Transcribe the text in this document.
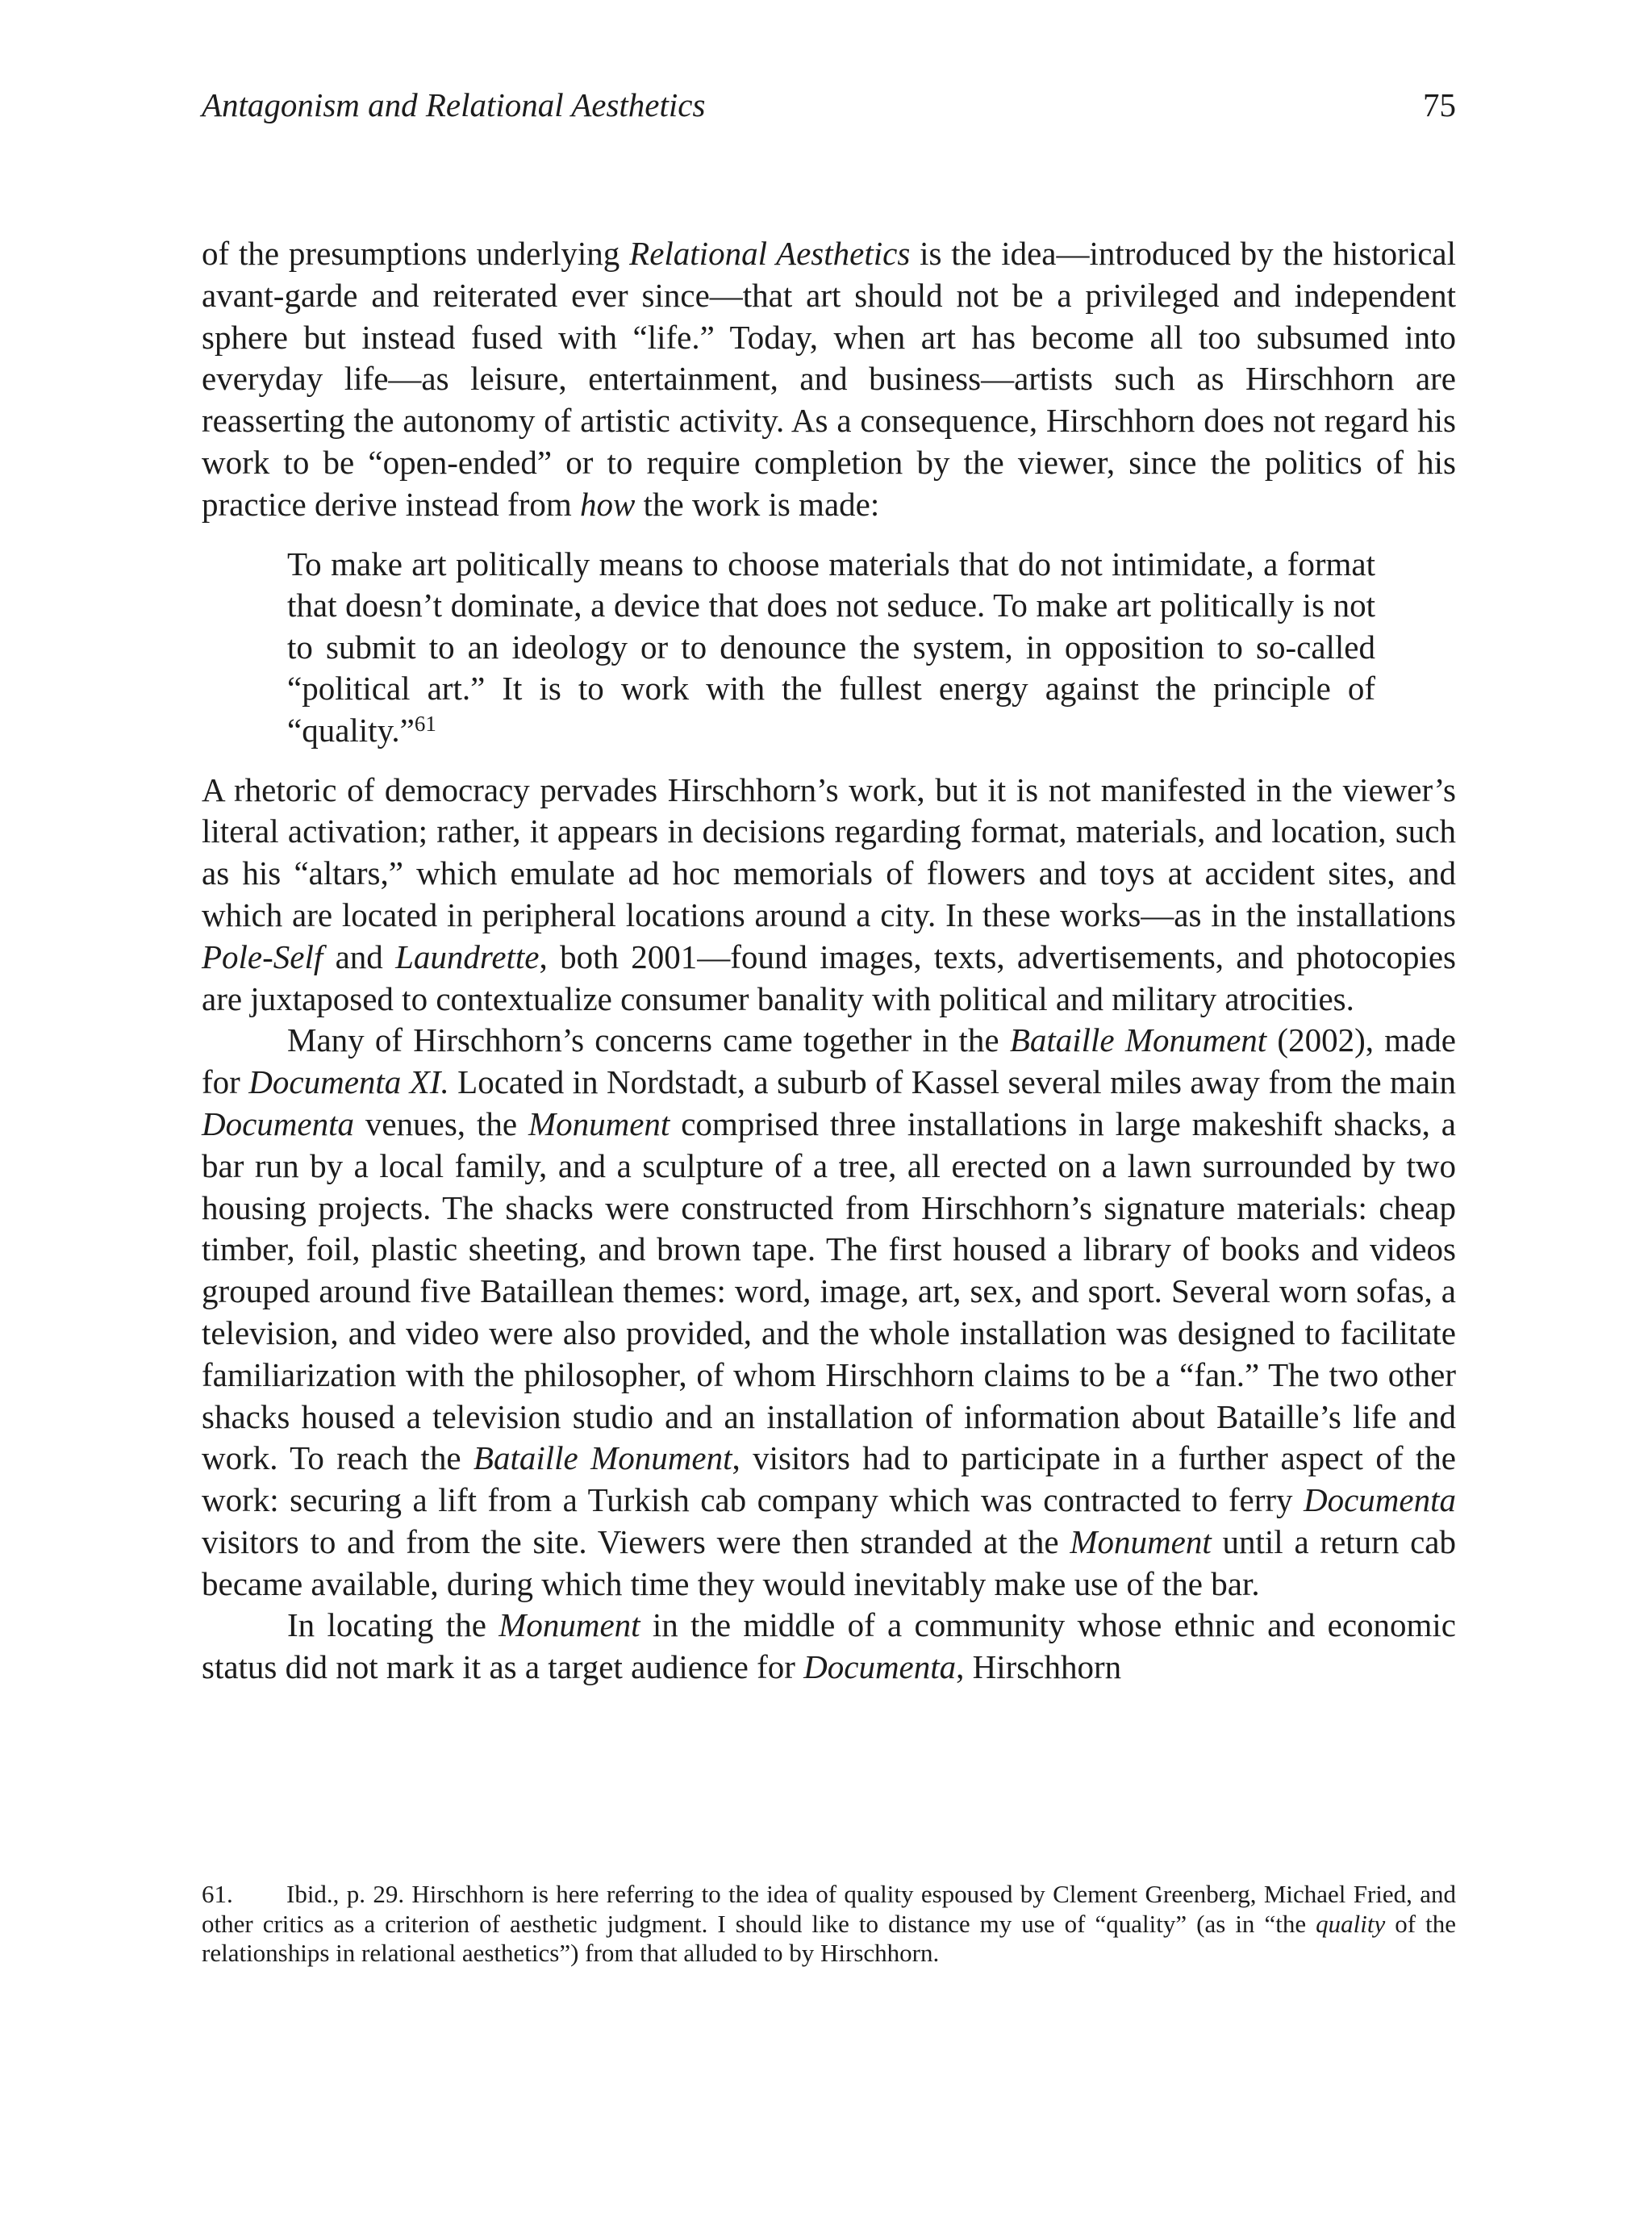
Antagonism and Relational Aesthetics	75

of the presumptions underlying Relational Aesthetics is the idea—introduced by the historical avant-garde and reiterated ever since—that art should not be a privileged and independent sphere but instead fused with “life.” Today, when art has become all too subsumed into everyday life—as leisure, entertainment, and business—artists such as Hirschhorn are reasserting the autonomy of artistic activity. As a consequence, Hirschhorn does not regard his work to be “open-ended” or to require completion by the viewer, since the politics of his practice derive instead from how the work is made:

To make art politically means to choose materials that do not intimidate, a format that doesn’t dominate, a device that does not seduce. To make art politically is not to submit to an ideology or to denounce the system, in opposition to so-called “political art.” It is to work with the fullest energy against the principle of “quality.”$^{61}$

A rhetoric of democracy pervades Hirschhorn’s work, but it is not manifested in the viewer’s literal activation; rather, it appears in decisions regarding format, materials, and location, such as his “altars,” which emulate ad hoc memorials of flowers and toys at accident sites, and which are located in peripheral locations around a city. In these works—as in the installations Pole-Self and Laundrette, both 2001—found images, texts, advertisements, and photocopies are juxtaposed to contextualize consumer banality with political and military atrocities.

Many of Hirschhorn’s concerns came together in the Bataille Monument (2002), made for Documenta XI. Located in Nordstadt, a suburb of Kassel several miles away from the main Documenta venues, the Monument comprised three installations in large makeshift shacks, a bar run by a local family, and a sculpture of a tree, all erected on a lawn surrounded by two housing projects. The shacks were constructed from Hirschhorn’s signature materials: cheap timber, foil, plastic sheeting, and brown tape. The first housed a library of books and videos grouped around five Bataillean themes: word, image, art, sex, and sport. Several worn sofas, a television, and video were also provided, and the whole installation was designed to facilitate familiarization with the philosopher, of whom Hirschhorn claims to be a “fan.” The two other shacks housed a television studio and an installation of information about Bataille’s life and work. To reach the Bataille Monument, visitors had to participate in a further aspect of the work: securing a lift from a Turkish cab company which was contracted to ferry Documenta visitors to and from the site. Viewers were then stranded at the Monument until a return cab became available, during which time they would inevitably make use of the bar.

In locating the Monument in the middle of a community whose ethnic and economic status did not mark it as a target audience for Documenta, Hirschhorn

61. Ibid., p. 29. Hirschhorn is here referring to the idea of quality espoused by Clement Greenberg, Michael Fried, and other critics as a criterion of aesthetic judgment. I should like to distance my use of “quality” (as in “the quality of the relationships in relational aesthetics”) from that alluded to by Hirschhorn.
